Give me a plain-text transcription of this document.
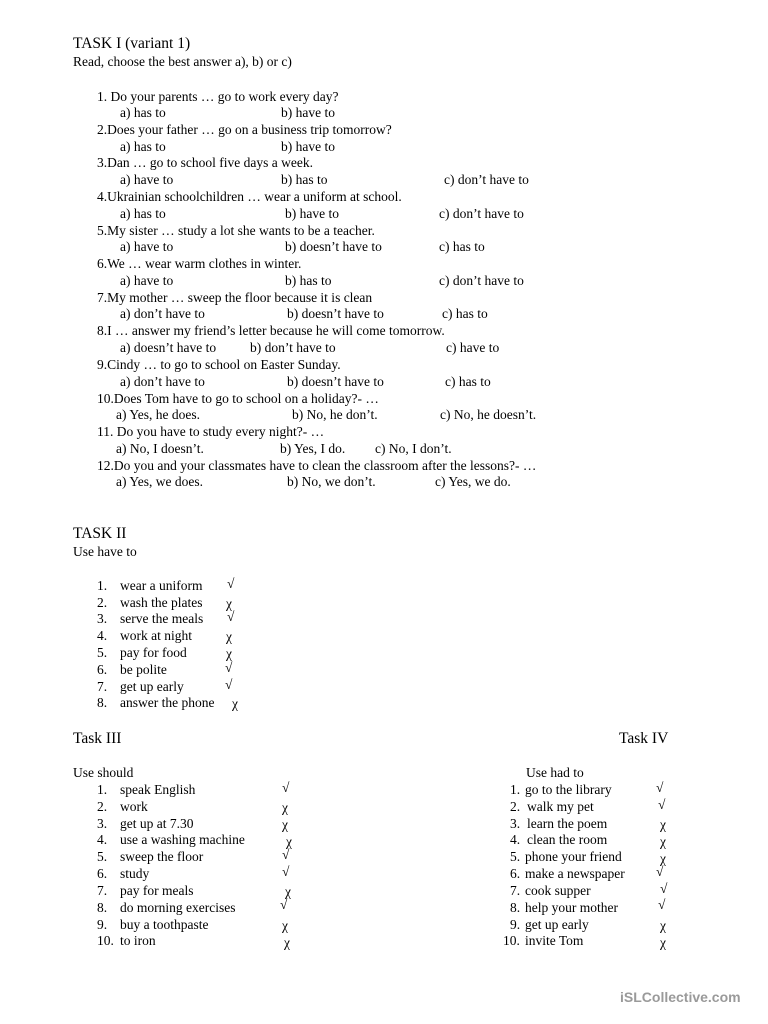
TASK I (variant 1)
Read, choose the best answer a), b) or c)
1. Do your parents … go to work every day?
a) has to	b) have to
2.Does your father … go on a business trip tomorrow?
a) has to	b) have to
3.Dan … go to school five days a week.
a) have to	b) has to	c) don’t have to
4.Ukrainian schoolchildren … wear a uniform at school.
a) has to	b) have to	c) don’t have to
5.My sister … study a lot she wants to be a teacher.
a) have to	b) doesn’t have to	c) has to
6.We … wear warm clothes in winter.
a) have to	b) has to	c) don’t have to
7.My mother … sweep the floor because it is clean
a) don’t have to	b) doesn’t have to	c) has to
8.I … answer my friend’s letter because he will come tomorrow.
a) doesn’t have to	b) don’t have to	c) have to
9.Cindy … to go to school on Easter Sunday.
a) don’t have to	b) doesn’t have to	c) has to
10.Does Tom have to go to school on a holiday?- …
a) Yes, he does.	b) No, he don’t.	c) No, he doesn’t.
11. Do you have to study every night?- …
a) No, I doesn’t.	b) Yes, I do. c) No, I don’t.
12.Do you and your classmates have to clean the classroom after the lessons?- …
a) Yes, we does.	b) No, we don’t.	c) Yes, we do.
TASK II
Use have to
1. wear a uniform √
2. wash the plates χ
3. serve the meals √
4. work at night	χ
5. pay for food	χ
6. be polite	√
7. get up early	√
8. answer the phone χ
Task III
Use should
1. speak English	√
2. work	χ
3. get up at 7.30	χ
4. use a washing machine	χ
5. sweep the floor	√
6. study	√
7. pay for meals	χ
8. do morning exercises	√
9. buy a toothpaste	χ
10. to iron	χ
Task IV
Use had to
1. go to the library	√
2. walk my pet	√
3. learn the poem	χ
4. clean the room	χ
5. phone your friend	χ
6. make a newspaper √
7. cook supper	√
8. help your mother	√
9. get up early	χ
10. invite Tom	χ
iSLCollective.com
